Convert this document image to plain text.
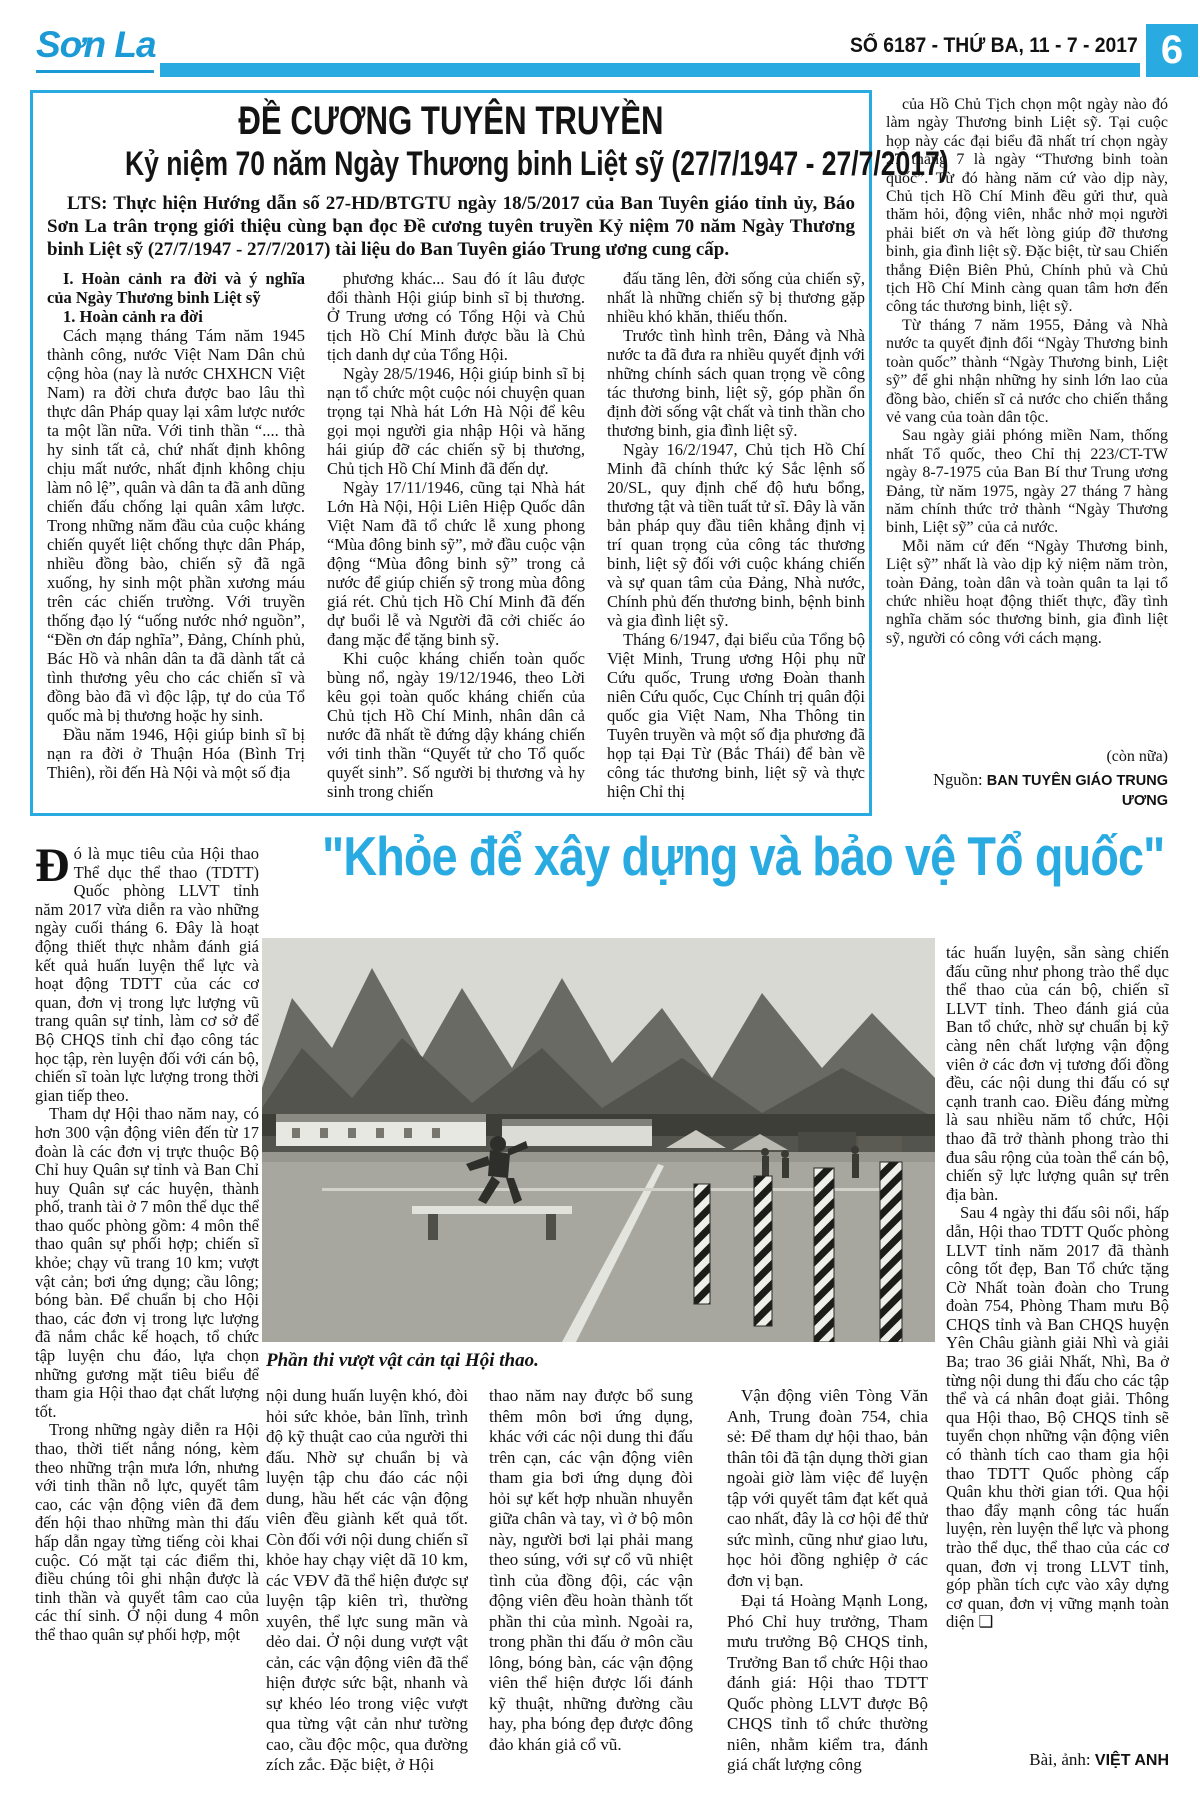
Sơn La	SỐ 6187 - THỨ BA, 11 - 7 - 2017 6
ĐỀ CƯƠNG TUYÊN TRUYỀN
Kỷ niệm 70 năm Ngày Thương binh Liệt sỹ (27/7/1947 - 27/7/2017)
LTS: Thực hiện Hướng dẫn số 27-HD/BTGTU ngày 18/5/2017 của Ban Tuyên giáo tỉnh ủy, Báo Sơn La trân trọng giới thiệu cùng bạn đọc Đề cương tuyên truyền Kỷ niệm 70 năm Ngày Thương binh Liệt sỹ (27/7/1947 - 27/7/2017) tài liệu do Ban Tuyên giáo Trung ương cung cấp.
I. Hoàn cảnh ra đời và ý nghĩa của Ngày Thương binh Liệt sỹ
1. Hoàn cảnh ra đời

Cách mạng tháng Tám năm 1945 thành công, nước Việt Nam Dân chủ cộng hòa (nay là nước CHXHCN Việt Nam) ra đời chưa được bao lâu thì thực dân Pháp quay lại xâm lược nước ta một lần nữa. Với tinh thần “.... thà hy sinh tất cả, chứ nhất định không chịu mất nước, nhất định không chịu làm nô lệ”, quân và dân ta đã anh dũng chiến đấu chống lại quân xâm lược. Trong những năm đầu của cuộc kháng chiến quyết liệt chống thực dân Pháp, nhiều đồng bào, chiến sỹ đã ngã xuống, hy sinh một phần xương máu trên các chiến trường. Với truyền thống đạo lý “uống nước nhớ nguồn”, “Đền ơn đáp nghĩa”, Đảng, Chính phủ, Bác Hồ và nhân dân ta đã dành tất cả tình thương yêu cho các chiến sĩ và đồng bào đã vì độc lập, tự do của Tổ quốc mà bị thương hoặc hy sinh.

Đầu năm 1946, Hội giúp binh sĩ bị nạn ra đời ở Thuận Hóa (Bình Trị Thiên), rồi đến Hà Nội và một số địa

phương khác... Sau đó ít lâu được đổi thành Hội giúp binh sĩ bị thương. Ở Trung ương có Tổng Hội và Chủ tịch Hồ Chí Minh được bầu là Chủ tịch danh dự của Tổng Hội.

Ngày 28/5/1946, Hội giúp binh sĩ bị nạn tổ chức một cuộc nói chuyện quan trọng tại Nhà hát Lớn Hà Nội để kêu gọi mọi người gia nhập Hội và hăng hái giúp đỡ các chiến sỹ bị thương, Chủ tịch Hồ Chí Minh đã đến dự.

Ngày 17/11/1946, cũng tại Nhà hát Lớn Hà Nội, Hội Liên Hiệp Quốc dân Việt Nam đã tổ chức lễ xung phong “Mùa đông binh sỹ”, mở đầu cuộc vận động “Mùa đông binh sỹ” trong cả nước để giúp chiến sỹ trong mùa đông giá rét. Chủ tịch Hồ Chí Minh đã đến dự buổi lễ và Người đã cởi chiếc áo đang mặc để tặng binh sỹ.

Khi cuộc kháng chiến toàn quốc bùng nổ, ngày 19/12/1946, theo Lời kêu gọi toàn quốc kháng chiến của Chủ tịch Hồ Chí Minh, nhân dân cả nước đã nhất tề đứng dậy kháng chiến với tinh thần “Quyết tử cho Tổ quốc quyết sinh”. Số người bị thương và hy sinh trong chiến

đấu tăng lên, đời sống của chiến sỹ, nhất là những chiến sỹ bị thương gặp nhiều khó khăn, thiếu thốn.

Trước tình hình trên, Đảng và Nhà nước ta đã đưa ra nhiều quyết định với những chính sách quan trọng về công tác thương binh, liệt sỹ, góp phần ổn định đời sống vật chất và tinh thần cho thương binh, gia đình liệt sỹ.

Ngày 16/2/1947, Chủ tịch Hồ Chí Minh đã chính thức ký Sắc lệnh số 20/SL, quy định chế độ hưu bổng, thương tật và tiền tuất tử sĩ. Đây là văn bản pháp quy đầu tiên khẳng định vị trí quan trọng của công tác thương binh, liệt sỹ đối với cuộc kháng chiến và sự quan tâm của Đảng, Nhà nước, Chính phủ đến thương binh, bệnh binh và gia đình liệt sỹ.

Tháng 6/1947, đại biểu của Tổng bộ Việt Minh, Trung ương Hội phụ nữ Cứu quốc, Trung ương Đoàn thanh niên Cứu quốc, Cục Chính trị quân đội quốc gia Việt Nam, Nha Thông tin Tuyên truyền và một số địa phương đã họp tại Đại Từ (Bắc Thái) để bàn về công tác thương binh, liệt sỹ và thực hiện Chỉ thị

của Hồ Chủ Tịch chọn một ngày nào đó làm ngày Thương binh Liệt sỹ. Tại cuộc họp này các đại biểu đã nhất trí chọn ngày 27 tháng 7 là ngày “Thương binh toàn quốc”. Từ đó hàng năm cứ vào dịp này, Chủ tịch Hồ Chí Minh đều gửi thư, quà thăm hỏi, động viên, nhắc nhở mọi người phải biết ơn và hết lòng giúp đỡ thương binh, gia đình liệt sỹ. Đặc biệt, từ sau Chiến thắng Điện Biên Phủ, Chính phủ và Chủ tịch Hồ Chí Minh càng quan tâm hơn đến công tác thương binh, liệt sỹ.

Từ tháng 7 năm 1955, Đảng và Nhà nước ta quyết định đổi “Ngày Thương binh toàn quốc” thành “Ngày Thương binh, Liệt sỹ” để ghi nhận những hy sinh lớn lao của đồng bào, chiến sĩ cả nước cho chiến thắng vẻ vang của toàn dân tộc.

Sau ngày giải phóng miền Nam, thống nhất Tổ quốc, theo Chỉ thị 223/CT-TW ngày 8-7-1975 của Ban Bí thư Trung ương Đảng, từ năm 1975, ngày 27 tháng 7 hàng năm chính thức trở thành “Ngày Thương binh, Liệt sỹ” của cả nước.

Mỗi năm cứ đến “Ngày Thương binh, Liệt sỹ” nhất là vào dịp kỷ niệm năm tròn, toàn Đảng, toàn dân và toàn quân ta lại tổ chức nhiều hoạt động thiết thực, đầy tình nghĩa chăm sóc thương binh, gia đình liệt sỹ, người có công với cách mạng.

(còn nữa)
Nguồn: BAN TUYÊN GIÁO TRUNG ƯƠNG
"Khỏe để xây dựng và bảo vệ Tổ quốc"

Đó là mục tiêu của Hội thao Thể dục thể thao (TDTT) Quốc phòng LLVT tỉnh năm 2017 vừa diễn ra vào những ngày cuối tháng 6. Đây là hoạt động thiết thực nhằm đánh giá kết quả huấn luyện thể lực và hoạt động TDTT của các cơ quan, đơn vị trong lực lượng vũ trang quân sự tỉnh, làm cơ sở để Bộ CHQS tỉnh chỉ đạo công tác học tập, rèn luyện đối với cán bộ, chiến sĩ toàn lực lượng trong thời gian tiếp theo.

Tham dự Hội thao năm nay, có hơn 300 vận động viên đến từ 17 đoàn là các đơn vị trực thuộc Bộ Chỉ huy Quân sự tỉnh và Ban Chỉ huy Quân sự các huyện, thành phố, tranh tài ở 7 môn thể dục thể thao quốc phòng gồm: 4 môn thể thao quân sự phối hợp; chiến sĩ khỏe; chạy vũ trang 10 km; vượt vật cản; bơi ứng dụng; cầu lông; bóng bàn. Để chuẩn bị cho Hội thao, các đơn vị trong lực lượng đã nắm chắc kế hoạch, tổ chức tập luyện chu đáo, lựa chọn những gương mặt tiêu biểu để tham gia Hội thao đạt chất lượng tốt.

Trong những ngày diễn ra Hội thao, thời tiết nắng nóng, kèm theo những trận mưa lớn, nhưng với tinh thần nỗ lực, quyết tâm cao, các vận động viên đã đem đến hội thao những màn thi đấu hấp dẫn ngay từng tiếng còi khai cuộc. Có mặt tại các điểm thi, điều chúng tôi ghi nhận được là tinh thần và quyết tâm cao của các thí sinh. Ở nội dung 4 môn thể thao quân sự phối hợp, một

Phần thi vượt vật cản tại Hội thao.

nội dung huấn luyện khó, đòi hỏi sức khỏe, bản lĩnh, trình độ kỹ thuật cao của người thi đấu. Nhờ sự chuẩn bị và luyện tập chu đáo các nội dung, hầu hết các vận động viên đều giành kết quả tốt. Còn đối với nội dung chiến sĩ khỏe hay chạy việt dã 10 km, các VĐV đã thể hiện được sự luyện tập kiên trì, thường xuyên, thể lực sung mãn và dẻo dai. Ở nội dung vượt vật cản, các vận động viên đã thể hiện được sức bật, nhanh và sự khéo léo trong việc vượt qua từng vật cản như tường cao, cầu độc mộc, qua đường zích zắc. Đặc biệt, ở Hội

thao năm nay được bổ sung thêm môn bơi ứng dụng, khác với các nội dung thi đấu trên cạn, các vận động viên tham gia bơi ứng dụng đòi hỏi sự kết hợp nhuần nhuyễn giữa chân và tay, vì ở bộ môn này, người bơi lại phải mang theo súng, với sự cổ vũ nhiệt tình của đồng đội, các vận động viên đều hoàn thành tốt phần thi của mình. Ngoài ra, trong phần thi đấu ở môn cầu lông, bóng bàn, các vận động viên thể hiện được lối đánh kỹ thuật, những đường cầu hay, pha bóng đẹp được đông đảo khán giả cổ vũ.

Vận động viên Tòng Văn Anh, Trung đoàn 754, chia sẻ: Để tham dự hội thao, bản thân tôi đã tận dụng thời gian ngoài giờ làm việc để luyện tập với quyết tâm đạt kết quả cao nhất, đây là cơ hội để thử sức mình, cũng như giao lưu, học hỏi đồng nghiệp ở các đơn vị bạn.

Đại tá Hoàng Mạnh Long, Phó Chỉ huy trưởng, Tham mưu trưởng Bộ CHQS tỉnh, Trưởng Ban tổ chức Hội thao đánh giá: Hội thao TDTT Quốc phòng LLVT được Bộ CHQS tỉnh tổ chức thường niên, nhằm kiểm tra, đánh giá chất lượng công

tác huấn luyện, sẵn sàng chiến đấu cũng như phong trào thể dục thể thao của cán bộ, chiến sĩ LLVT tỉnh. Theo đánh giá của Ban tổ chức, nhờ sự chuẩn bị kỹ càng nên chất lượng vận động viên ở các đơn vị tương đối đồng đều, các nội dung thi đấu có sự cạnh tranh cao. Điều đáng mừng là sau nhiều năm tổ chức, Hội thao đã trở thành phong trào thi đua sâu rộng của toàn thể cán bộ, chiến sỹ lực lượng quân sự trên địa bàn.

Sau 4 ngày thi đấu sôi nổi, hấp dẫn, Hội thao TDTT Quốc phòng LLVT tỉnh năm 2017 đã thành công tốt đẹp, Ban Tổ chức tặng Cờ Nhất toàn đoàn cho Trung đoàn 754, Phòng Tham mưu Bộ CHQS tỉnh và Ban CHQS huyện Yên Châu giành giải Nhì và giải Ba; trao 36 giải Nhất, Nhì, Ba ở từng nội dung thi đấu cho các tập thể và cá nhân đoạt giải. Thông qua Hội thao, Bộ CHQS tỉnh sẽ tuyển chọn những vận động viên có thành tích cao tham gia hội thao TDTT Quốc phòng cấp Quân khu thời gian tới. Qua hội thao đẩy mạnh công tác huấn luyện, rèn luyện thể lực và phong trào thể dục, thể thao của các cơ quan, đơn vị trong LLVT tỉnh, góp phần tích cực vào xây dựng cơ quan, đơn vị vững mạnh toàn diện ❑

Bài, ảnh: VIỆT ANH
